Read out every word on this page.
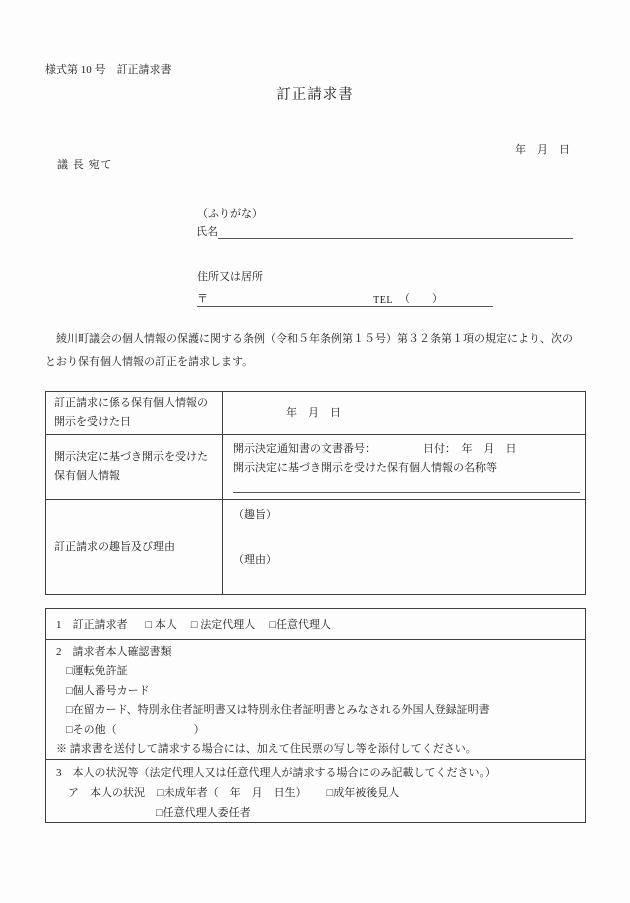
様式第 10 号　訂正請求書
訂正請求書
年　月　日
議 長 宛て
（ふりがな）
氏名
住所又は居所
〒	TEL （　　）
　綾川町議会の個人情報の保護に関する条例（令和５年条例第１５号）第３２条第１項の規定により、次の
とおり保有個人情報の訂正を請求します。
訂正請求に係る保有個人情報の開示を受けた日	年　月　日
開示決定に基づき開示を受けた保有個人情報	開示決定通知書の文書番号： 日付：　年　月　日
開示決定に基づき開示を受けた保有個人情報の名称等

訂正請求の趣旨及び理由	（趣旨）
（理由）
1　訂正請求者 □ 本人 □ 法定代理人 □任意代理人
2　請求者本人確認書類
□運転免許証
□個人番号カード
□在留カード、特別永住者証明書又は特別永住者証明書とみなされる外国人登録証明書
□その他（　　　　　　　）
※ 請求書を送付して請求する場合には、加えて住民票の写し等を添付してください。
3　本人の状況等（法定代理人又は任意代理人が請求する場合にのみ記載してください。）
ア　本人の状況 □未成年者（　年　月　日生） □成年被後見人
□任意代理人委任者
